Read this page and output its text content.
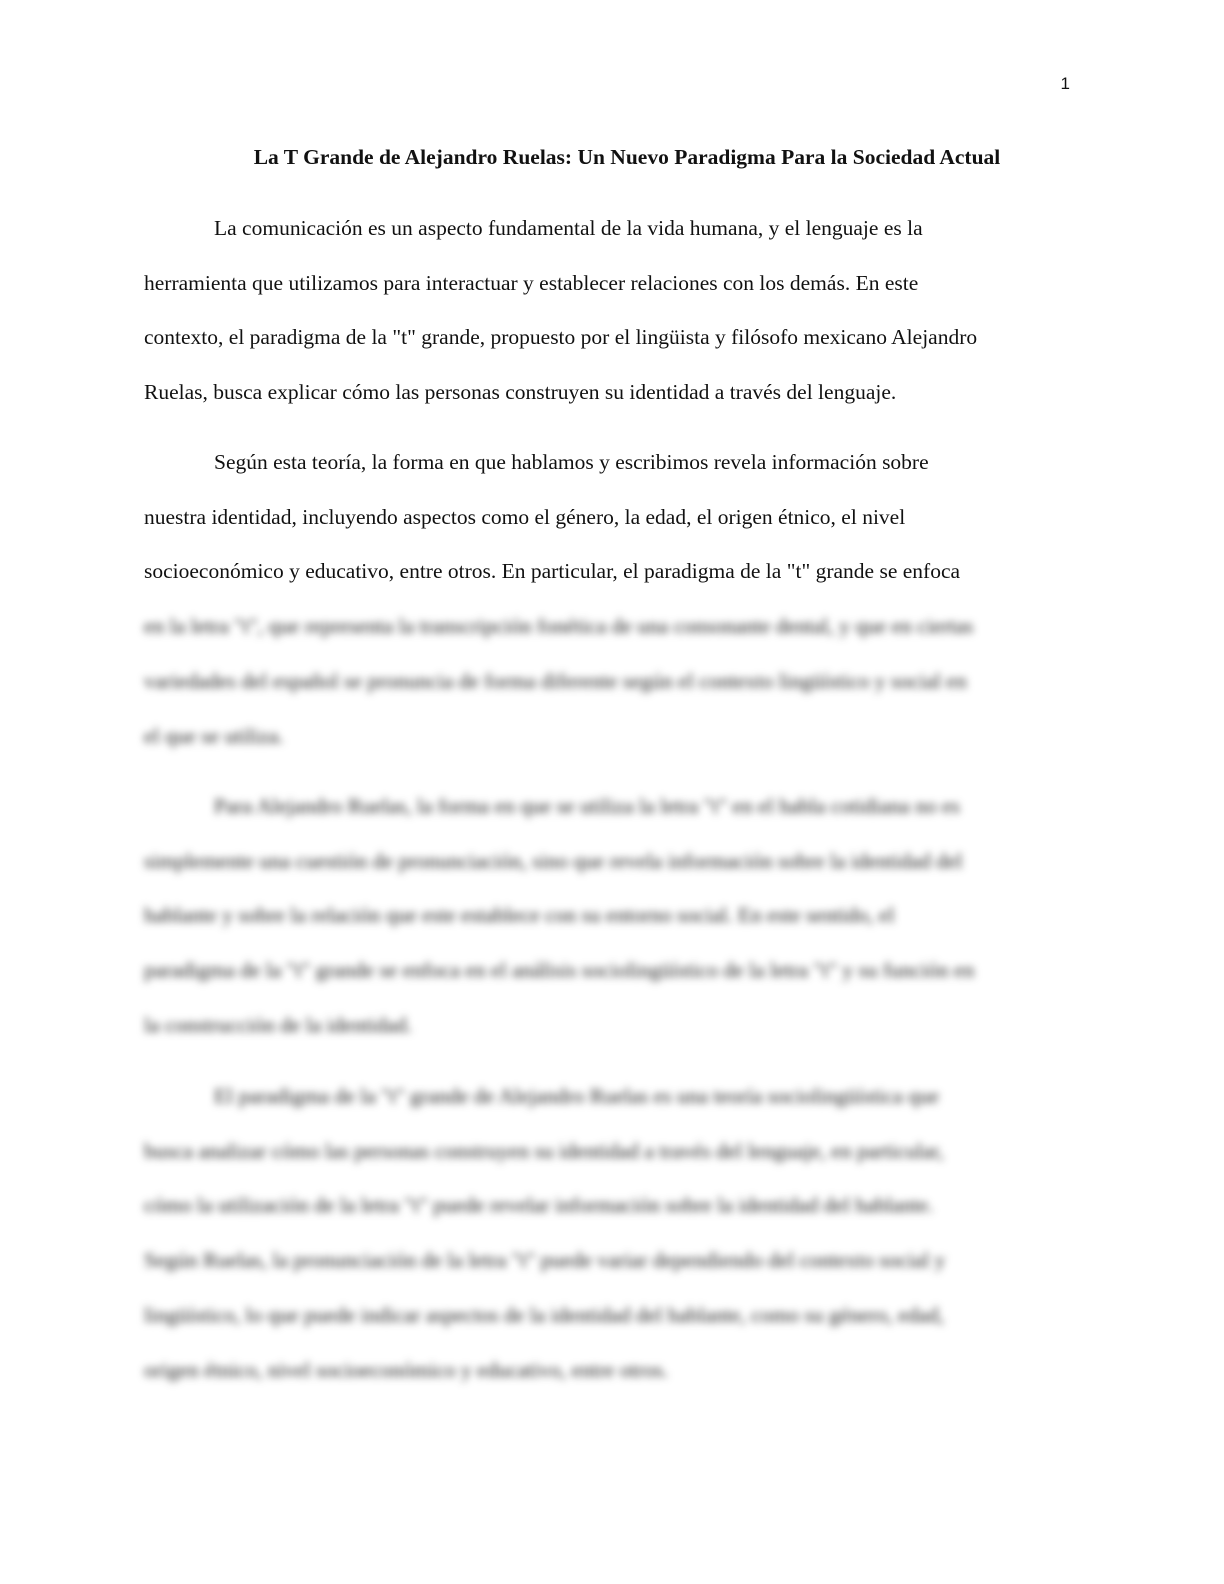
1
La T Grande de Alejandro Ruelas: Un Nuevo Paradigma Para la Sociedad Actual
La comunicación es un aspecto fundamental de la vida humana, y el lenguaje es la
herramienta que utilizamos para interactuar y establecer relaciones con los demás. En este
contexto, el paradigma de la "t" grande, propuesto por el lingüista y filósofo mexicano Alejandro
Ruelas, busca explicar cómo las personas construyen su identidad a través del lenguaje.
Según esta teoría, la forma en que hablamos y escribimos revela información sobre
nuestra identidad, incluyendo aspectos como el género, la edad, el origen étnico, el nivel
socioeconómico y educativo, entre otros. En particular, el paradigma de la "t" grande se enfoca
en la letra "t", que representa la transcripción fonética de una consonante dental, y que en ciertas
variedades del español se pronuncia de forma diferente según el contexto lingüístico y social en
el que se utiliza.
Para Alejandro Ruelas, la forma en que se utiliza la letra "t" en el habla cotidiana no es
simplemente una cuestión de pronunciación, sino que revela información sobre la identidad del
hablante y sobre la relación que este establece con su entorno social. En este sentido, el
paradigma de la "t" grande se enfoca en el análisis sociolingüístico de la letra "t" y su función en
la construcción de la identidad.
El paradigma de la "t" grande de Alejandro Ruelas es una teoría sociolingüística que
busca analizar cómo las personas construyen su identidad a través del lenguaje, en particular,
cómo la utilización de la letra "t" puede revelar información sobre la identidad del hablante.
Según Ruelas, la pronunciación de la letra "t" puede variar dependiendo del contexto social y
lingüístico, lo que puede indicar aspectos de la identidad del hablante, como su género, edad,
origen étnico, nivel socioeconómico y educativo, entre otros.
